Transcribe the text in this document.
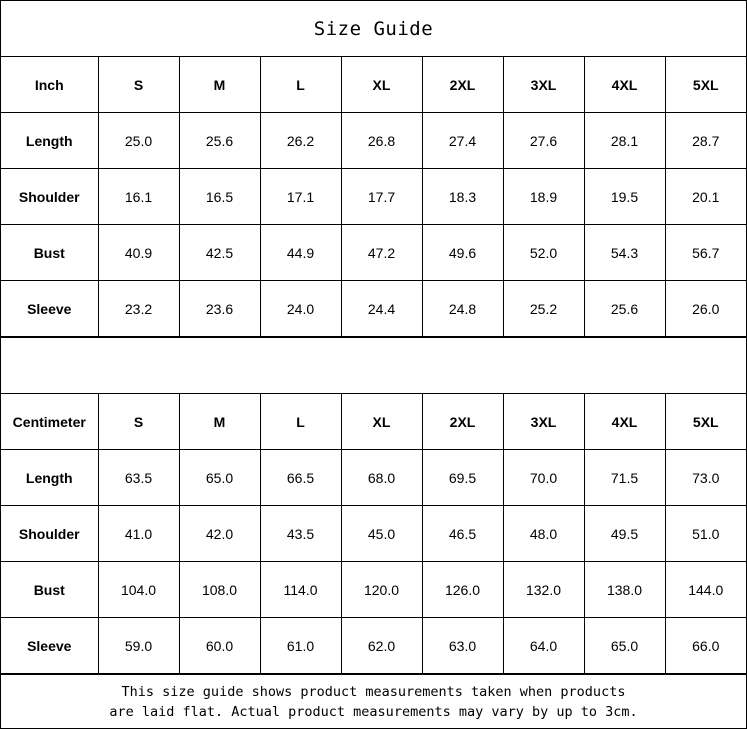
Size Guide
Inch	S	M	L	XL	2XL	3XL	4XL	5XL
Length	25.0	25.6	26.2	26.8	27.4	27.6	28.1	28.7
Shoulder	16.1	16.5	17.1	17.7	18.3	18.9	19.5	20.1
Bust	40.9	42.5	44.9	47.2	49.6	52.0	54.3	56.7
Sleeve	23.2	23.6	24.0	24.4	24.8	25.2	25.6	26.0
Centimeter	S	M	L	XL	2XL	3XL	4XL	5XL
Length	63.5	65.0	66.5	68.0	69.5	70.0	71.5	73.0
Shoulder	41.0	42.0	43.5	45.0	46.5	48.0	49.5	51.0
Bust	104.0	108.0	114.0	120.0	126.0	132.0	138.0	144.0
Sleeve	59.0	60.0	61.0	62.0	63.0	64.0	65.0	66.0
This size guide shows product measurements taken when products
are laid flat. Actual product measurements may vary by up to 3cm.
